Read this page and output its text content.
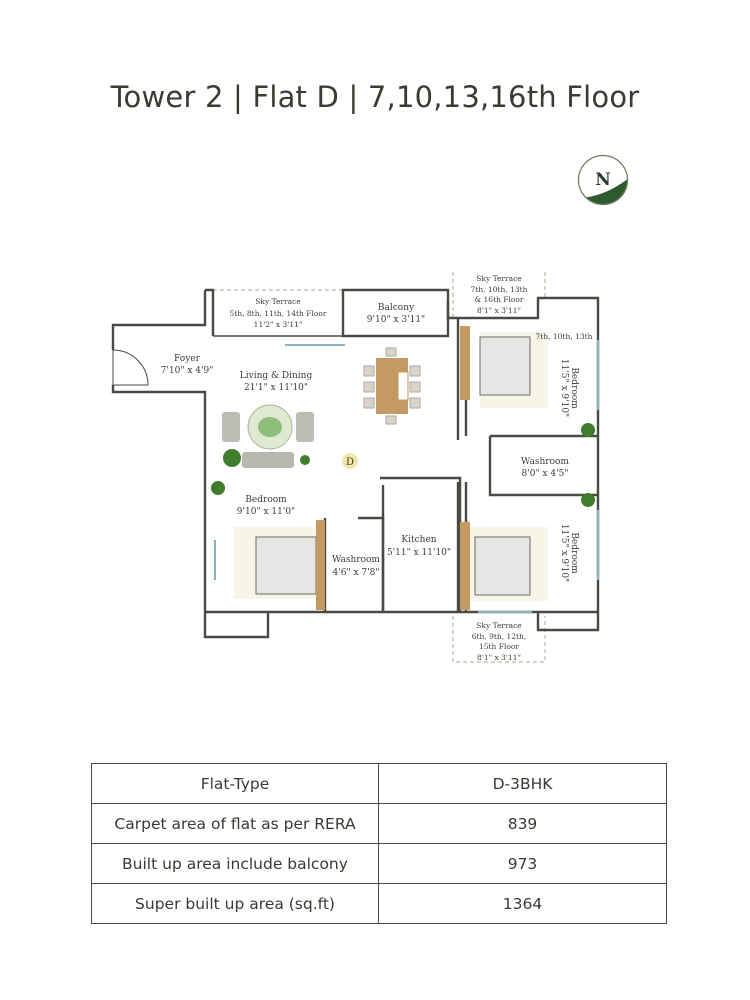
Tower 2 | Flat D | 7,10,13,16th Floor
N
D
Sky Terrace
5th, 8th, 11th, 14th Floor
11'2" x 3'11"
Sky Terrace
7th, 10th, 13th
& 16th Floor
8'1" x 3'11"
Sky Terrace
6th, 9th, 12th,
15th Floor
8'1" x 3'11"
7th, 10th, 13th
Balcony
9'10" x 3'11"
Foyer
7'10" x 4'9"	Living & Dining
21'1" x 11'10"
Washroom
8'0" x 4'5"
Bedroom
9'10" x 11'0"
Washroom
4'6" x 7'8"
Kitchen
5'11" x 11'10"
Bedroom
11'5" x 9'10"
Bedroom
11'5" x 9'10"
Flat-Type	D-3BHK
Carpet area of flat as per RERA	839
Built up area include balcony	973
Super built up area (sq.ft)	1364
